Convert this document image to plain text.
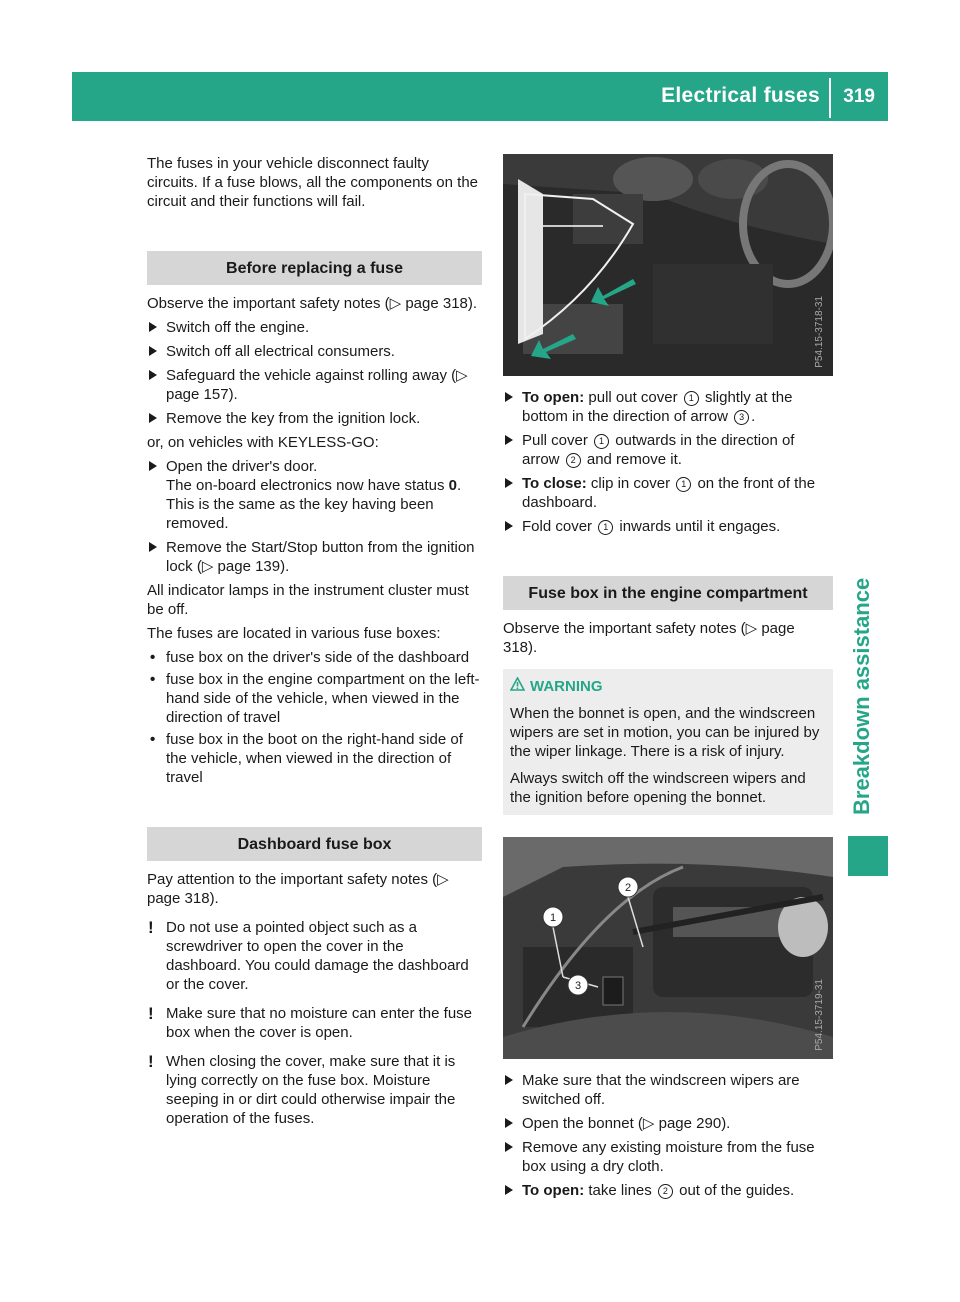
Electrical fuses 319
Breakdown assistance

The fuses in your vehicle disconnect faulty circuits. If a fuse blows, all the components on the circuit and their functions will fail.

Before replacing a fuse

Observe the important safety notes (▷ page 318).

Switch off the engine.
Switch off all electrical consumers.
Safeguard the vehicle against rolling away (▷ page 157).
Remove the key from the ignition lock.

or, on vehicles with KEYLESS-GO:

Open the driver's door.
The on-board electronics now have status 0. This is the same as the key having been removed.
Remove the Start/Stop button from the ignition lock (▷ page 139).

All indicator lamps in the instrument cluster must be off.

The fuses are located in various fuse boxes:

• fuse box on the driver's side of the dashboard
• fuse box in the engine compartment on the left-hand side of the vehicle, when viewed in the direction of travel
• fuse box in the boot on the right-hand side of the vehicle, when viewed in the direction of travel
Dashboard fuse box

Pay attention to the important safety notes (▷ page 318).

! Do not use a pointed object such as a screwdriver to open the cover in the dashboard. You could damage the dashboard or the cover.
! Make sure that no moisture can enter the fuse box when the cover is open.
! When closing the cover, make sure that it is lying correctly on the fuse box. Moisture seeping in or dirt could otherwise impair the operation of the fuses.
P54.15-3718-31
To open: pull out cover 1 slightly at the bottom in the direction of arrow 3 .
Pull cover 1 outwards in the direction of arrow 2 and remove it.
To close: clip in cover 1 on the front of the dashboard.
Fold cover 1 inwards until it engages.
Fuse box in the engine compartment

Observe the important safety notes (▷ page 318).

WARNING

When the bonnet is open, and the windscreen wipers are set in motion, you can be injured by the wiper linkage. There is a risk of injury.

Always switch off the windscreen wipers and the ignition before opening the bonnet.

1
2
3	P54.15-3719-31
Make sure that the windscreen wipers are switched off.
Open the bonnet (▷ page 290).
Remove any existing moisture from the fuse box using a dry cloth.
To open: take lines 2 out of the guides.
